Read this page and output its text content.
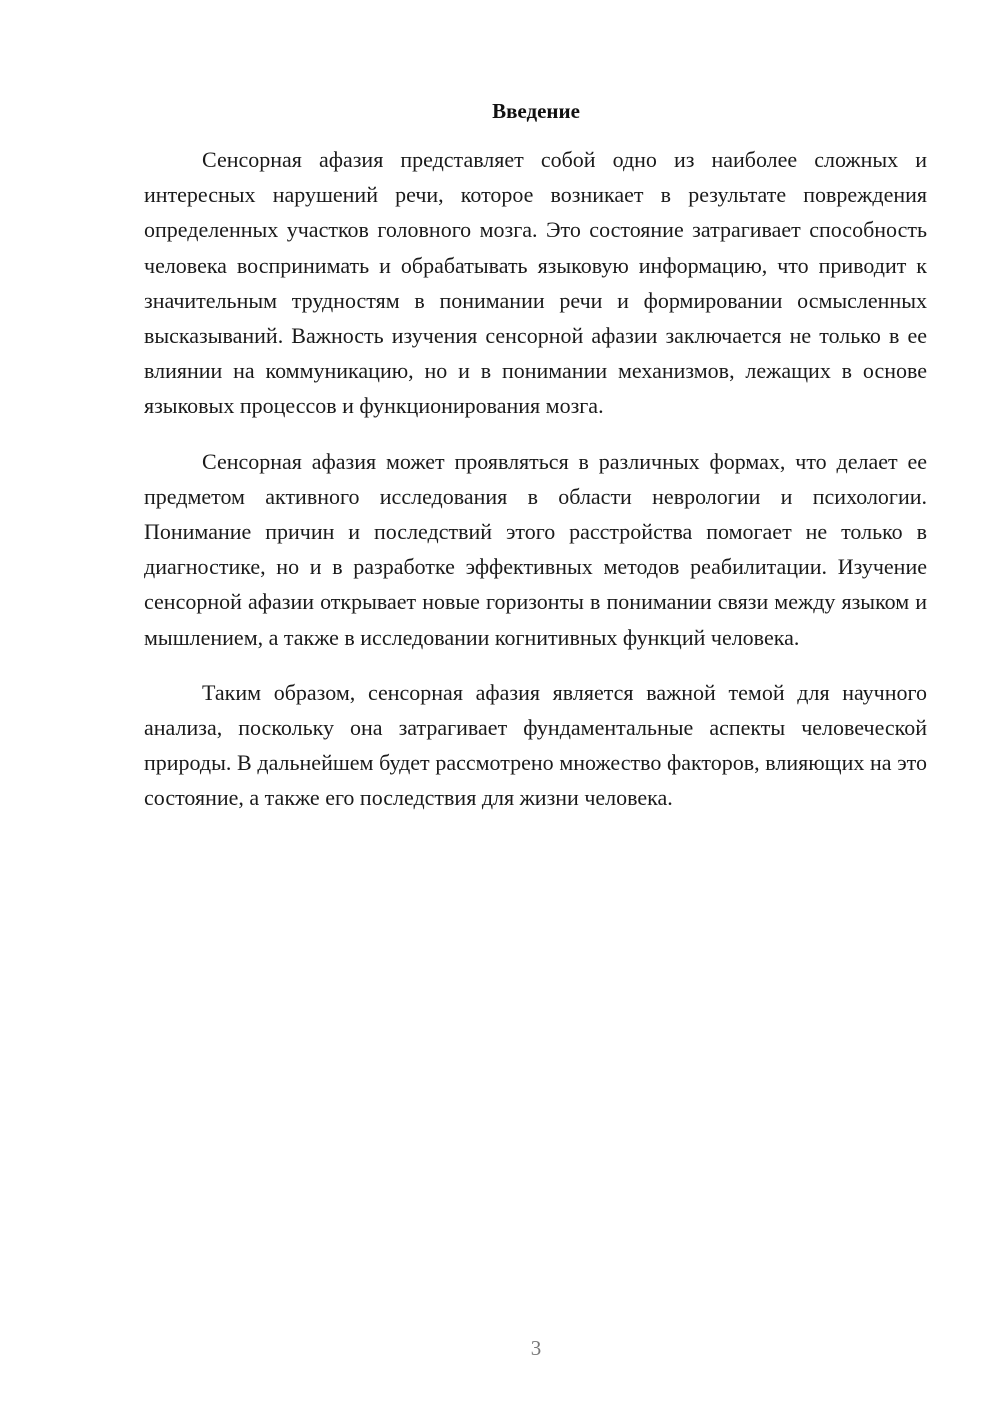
Введение

Сенсорная афазия представляет собой одно из наиболее сложных и интересных нарушений речи, которое возникает в результате повреждения определенных участков головного мозга. Это состояние затрагивает способность человека воспринимать и обрабатывать языковую информацию, что приводит к значительным трудностям в понимании речи и формировании осмысленных высказываний. Важность изучения сенсорной афазии заключается не только в ее влиянии на коммуникацию, но и в понимании механизмов, лежащих в основе языковых процессов и функционирования мозга.

Сенсорная афазия может проявляться в различных формах, что делает ее предметом активного исследования в области неврологии и психологии. Понимание причин и последствий этого расстройства помогает не только в диагностике, но и в разработке эффективных методов реабилитации. Изучение сенсорной афазии открывает новые горизонты в понимании связи между языком и мышлением, а также в исследовании когнитивных функций человека.

Таким образом, сенсорная афазия является важной темой для научного анализа, поскольку она затрагивает фундаментальные аспекты человеческой природы. В дальнейшем будет рассмотрено множество факторов, влияющих на это состояние, а также его последствия для жизни человека.

3
